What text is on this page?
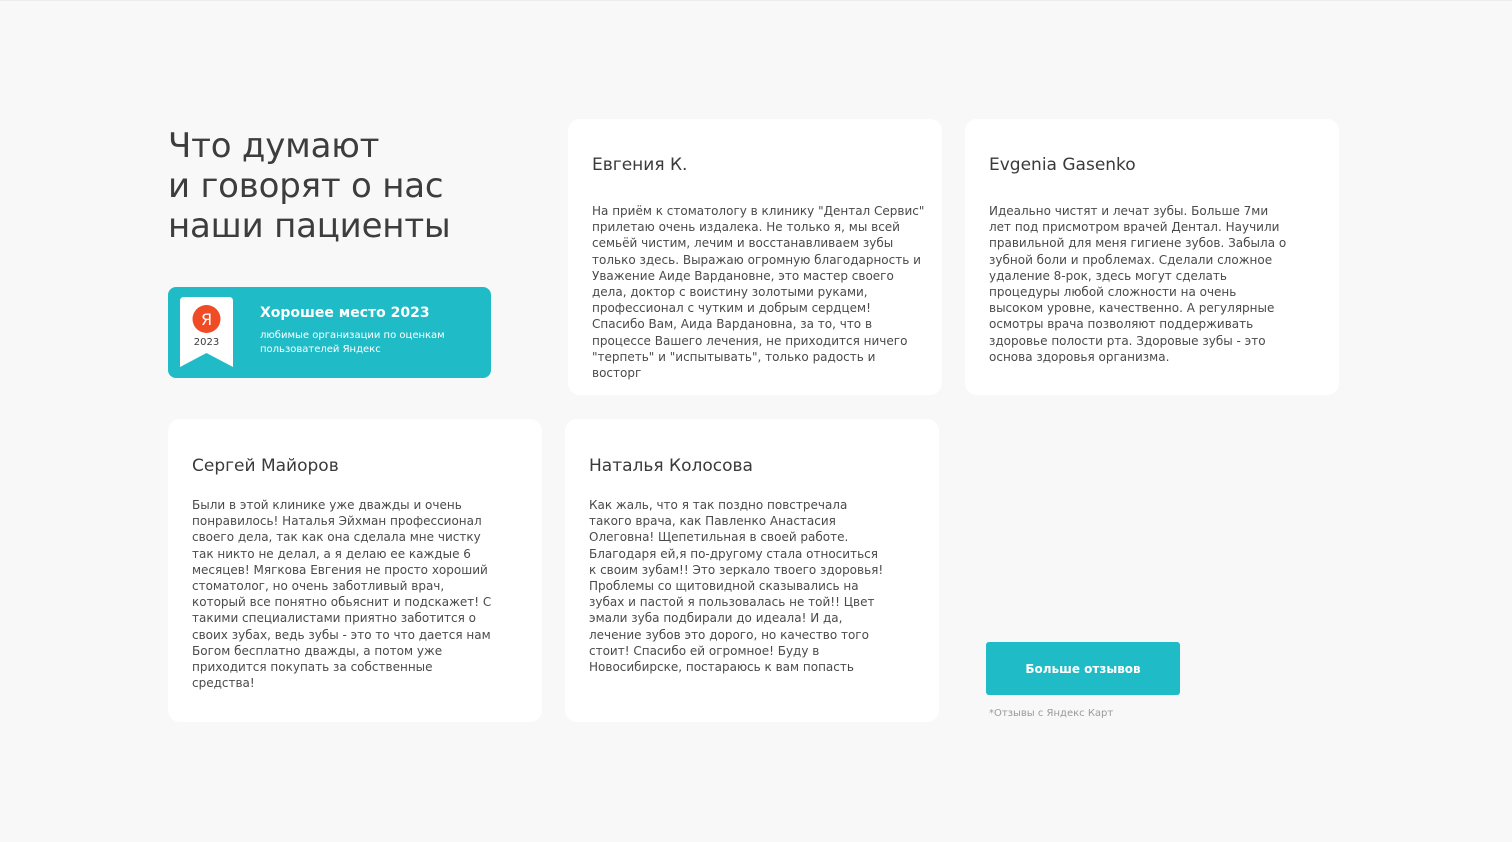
Что думают
и говорят о нас
наши пациенты
Я
2023
Хорошее место 2023
любимые организации по оценкам пользователей Яндекс
Евгения К.

На приём к стоматологу в клинику "Дентал Сервис" прилетаю очень издалека. Не только я, мы всей семьёй чистим, лечим и восстанавливаем зубы только здесь. Выражаю огромную благодарность и Уважение Аиде Вардановне, это мастер своего дела, доктор с воистину золотыми руками, профессионал с чутким и добрым сердцем! Спасибо Вам, Аида Вардановна, за то, что в процессе Вашего лечения, не приходится ничего "терпеть" и "испытывать", только радость и восторг

Evgenia Gasenko

Идеально чистят и лечат зубы. Больше 7ми лет под присмотром врачей Дентал. Научили правильной для меня гигиене зубов. Забыла о зубной боли и проблемах. Сделали сложное удаление 8-рок, здесь могут сделать процедуры любой сложности на очень высоком уровне, качественно. А регулярные осмотры врача позволяют поддерживать здоровье полости рта. Здоровые зубы - это основа здоровья организма.

Сергей Майоров

Были в этой клинике уже дважды и очень понравилось! Наталья Эйхман профессионал своего дела, так как она сделала мне чистку так никто не делал, а я делаю ее каждые 6 месяцев! Мягкова Евгения не просто хороший стоматолог, но очень заботливый врач, который все понятно обьяснит и подскажет! С такими специалистами приятно заботится о своих зубах, ведь зубы - это то что дается нам Богом бесплатно дважды, а потом уже приходится покупать за собственные средства!

Наталья Колосова

Как жаль, что я так поздно повстречала такого врача, как Павленко Анастасия Олеговна! Щепетильная в своей работе. Благодаря ей,я по-другому стала относиться к своим зубам!! Это зеркало твоего здоровья! Проблемы со щитовидной сказывались на зубах и пастой я пользовалась не той!! Цвет эмали зуба подбирали до идеала! И да, лечение зубов это дорого, но качество того стоит! Спасибо ей огромное! Буду в Новосибирске, постараюсь к вам попасть	Больше отзывов
*Отзывы с Яндекс Карт
